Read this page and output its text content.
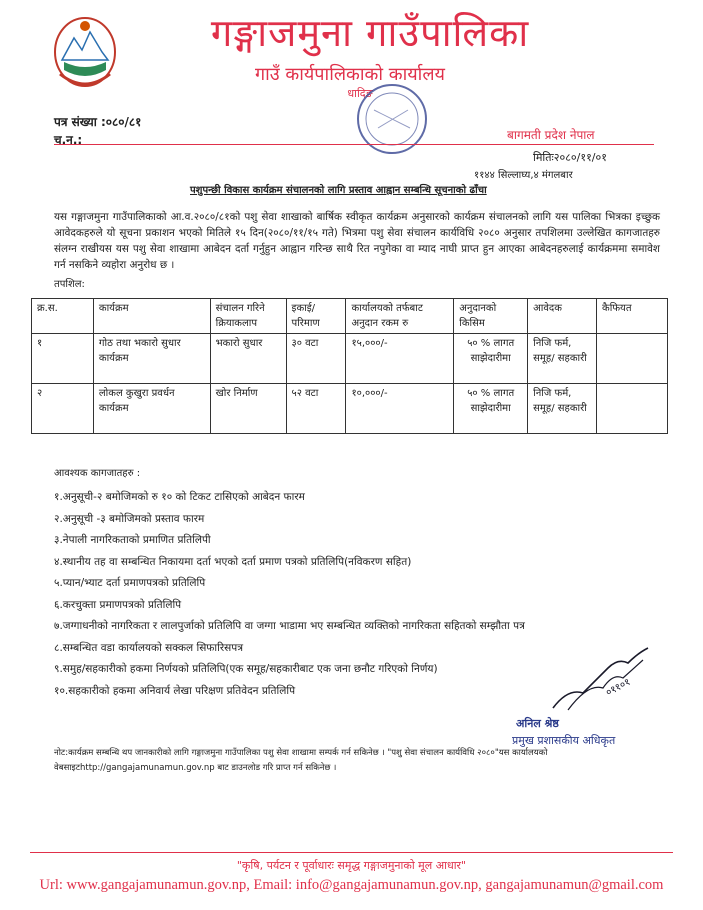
गङ्गाजमुना गाउँपालिका
गाउँ कार्यपालिकाको कार्यालय
धादिङ
पत्र संख्या :०८०/८१
च.न.:	बागमती प्रदेश नेपाल
मितिः२०८०/११/०१
११४४ सिल्लाघ्य,४ मंगलबार
पशुपन्छी विकास कार्यक्रम संचालनको लागि प्रस्ताव आह्वान सम्बन्धि सूचनाको ढाँचा
यस गङ्गाजमुना गाउँपालिकाको आ.व.२०८०/८१को पशु सेवा शाखाको बार्षिक स्वीकृत कार्यक्रम अनुसारको कार्यक्रम संचालनको लागि यस पालिका भित्रका इच्छुक आवेदकहरुले यो सूचना प्रकाशन भएको मितिले १५ दिन(२०८०/११/१५ गते) भित्रमा पशु सेवा संचालन कार्यविधि २०८० अनुसार तपशिलमा उल्लेखित कागजातहरु संलग्न राखीयस यस पशु सेवा शाखामा आबेदन दर्ता गर्नुहुन आह्वान गरिन्छ साथै रित नपुगेका वा म्याद नाघी प्राप्त हुन आएका आबेदनहरुलाई कार्यक्रममा समावेश गर्न नसकिने व्यहोरा अनुरोध छ ।
तपशिल:
क्र.स.	कार्यक्रम	संचालन गरिने क्रियाकलाप	इकाई/परिमाण	कार्यालयको तर्फबाट अनुदान रकम रु	अनुदानको किसिम	आवेदक	कैफियत
१	गोठ तथा भकारो सुधार कार्यक्रम	भकारो सुधार	३० वटा	१५,०००/-	५० % लागत साझेदारीमा	निजि फर्म, समूह/ सहकारी	
२	लोकल कुखुरा प्रवर्धन कार्यक्रम	खोर निर्माण	५२ वटा	१०,०००/-	५० % लागत साझेदारीमा	निजि फर्म, समूह/ सहकारी	
आवश्यक कागजातहरु :
१.अनुसूची-२ बमोजिमको रु १० को टिकट टासिएको आबेदन फारम
२.अनुसूची -३ बमोजिमको प्रस्ताव फारम
३.नेपाली नागरिकताको प्रमाणित प्रतिलिपी
४.स्थानीय तह वा सम्बन्धित निकायमा दर्ता भएको दर्ता प्रमाण पत्रको प्रतिलिपि(नविकरण सहित)
५.प्यान/भ्याट दर्ता प्रमाणपत्रको प्रतिलिपि
६.करचुक्ता प्रमाणपत्रको प्रतिलिपि
७.जग्गाधनीको नागरिकता र लालपुर्जाको प्रतिलिपि वा जग्गा भाडामा भए सम्बन्धित व्यक्तिको नागरिकता सहितको सम्झौता पत्र
८.सम्बन्धित वडा कार्यालयको सक्कल सिफारिसपत्र
९.समुह/सहकारीको हकमा निर्णयको प्रतिलिपि(एक समूह/सहकारीबाट एक जना छनौट गरिएको निर्णय)
१०.सहकारीको हकमा अनिवार्य लेखा परिक्षण प्रतिवेदन प्रतिलिपि	०११०१
अनिल श्रेष्ठ
प्रमुख प्रशासकीय अधिकृत
नोट:कार्यक्रम सम्बन्धि थप जानकारीको लागि गङ्गाजमुना गाउँपालिका पशु सेवा शाखामा सम्पर्क गर्न सकिनेछ । "पशु सेवा संचालन कार्यविधि २०८०"यस कार्यालयको वेबसाइटhttp://gangajamunamun.gov.np बाट डाउनलोड गरि प्राप्त गर्न सकिनेछ ।
"कृषि, पर्यटन र पूर्वाधारः समृद्ध गङ्गाजमुनाको मूल आधार"
Url: www.gangajamunamun.gov.np, Email: info@gangajamunamun.gov.np, gangajamunamun@gmail.com
